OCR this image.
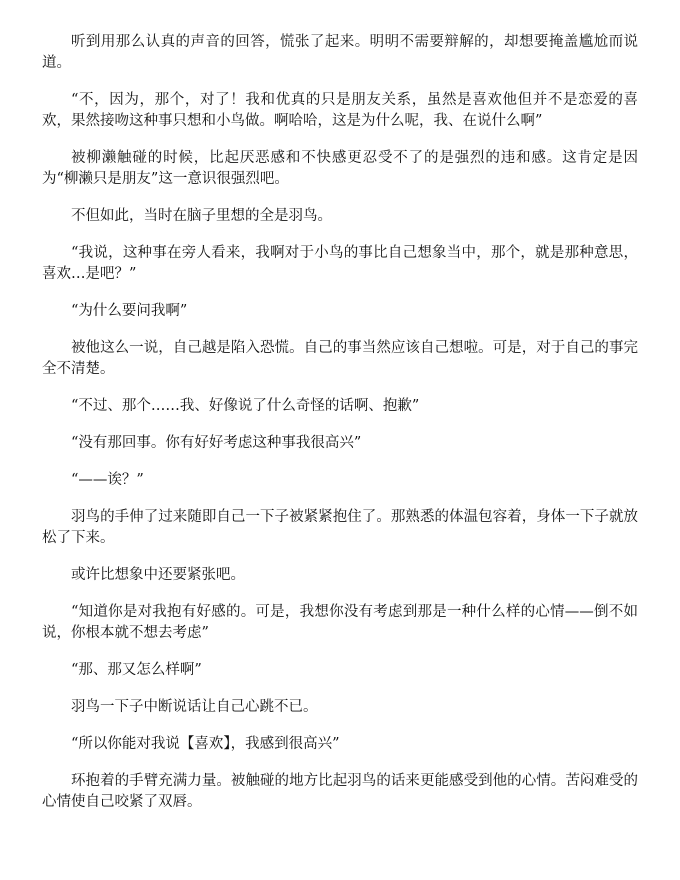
听到用那么认真的声音的回答，慌张了起来。明明不需要辩解的，却想要掩盖尴尬而说道。

“不，因为，那个，对了！我和优真的只是朋友关系，虽然是喜欢他但并不是恋爱的喜欢，果然接吻这种事只想和小鸟做。啊哈哈，这是为什么呢，我、在说什么啊”

被柳濑触碰的时候，比起厌恶感和不快感更忍受不了的是强烈的违和感。这肯定是因为“柳濑只是朋友”这一意识很强烈吧。

不但如此，当时在脑子里想的全是羽鸟。

“我说，这种事在旁人看来，我啊对于小鸟的事比自己想象当中，那个，就是那种意思，喜欢…是吧？”

“为什么要问我啊”

被他这么一说，自己越是陷入恐慌。自己的事当然应该自己想啦。可是，对于自己的事完全不清楚。

“不过、那个……我、好像说了什么奇怪的话啊、抱歉”

“没有那回事。你有好好考虑这种事我很高兴”

“——诶？”

羽鸟的手伸了过来随即自己一下子被紧紧抱住了。那熟悉的体温包容着，身体一下子就放松了下来。

或许比想象中还要紧张吧。

“知道你是对我抱有好感的。可是，我想你没有考虑到那是一种什么样的心情——倒不如说，你根本就不想去考虑”

“那、那又怎么样啊”

羽鸟一下子中断说话让自己心跳不已。

“所以你能对我说【喜欢】，我感到很高兴”

环抱着的手臂充满力量。被触碰的地方比起羽鸟的话来更能感受到他的心情。苦闷难受的心情使自己咬紧了双唇。
